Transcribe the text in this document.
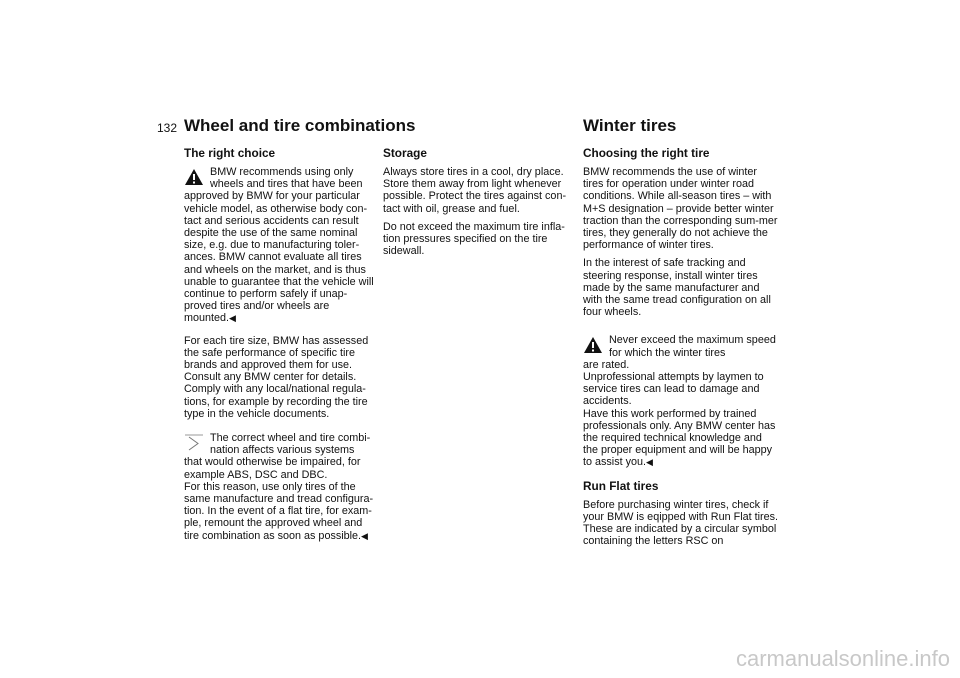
132 Wheel and tire combinations	Winter tires
The right choice
BMW recommends using only wheels and tires that have been
approved by BMW for your particular vehicle model, as otherwise body con-tact and serious accidents can result despite the use of the same nominal size, e.g. due to manufacturing toler-ances. BMW cannot evaluate all tires and wheels on the market, and is thus unable to guarantee that the vehicle will continue to perform safely if unap-proved tires and/or wheels are mounted.◀

For each tire size, BMW has assessed the safe performance of specific tire brands and approved them for use. Consult any BMW center for details. Comply with any local/national regula-tions, for example by recording the tire type in the vehicle documents.

The correct wheel and tire combi-nation affects various systems
that would otherwise be impaired, for example ABS, DSC and DBC.
For this reason, use only tires of the same manufacture and tread configura-tion. In the event of a flat tire, for exam-ple, remount the approved wheel and tire combination as soon as possible.◀
Storage

Always store tires in a cool, dry place. Store them away from light whenever possible. Protect the tires against con-tact with oil, grease and fuel.

Do not exceed the maximum tire infla-tion pressures specified on the tire sidewall.

Choosing the right tire

BMW recommends the use of winter tires for operation under winter road conditions. While all-season tires – with M+S designation – provide better winter traction than the corresponding sum-mer tires, they generally do not achieve the performance of winter tires.

In the interest of safe tracking and steering response, install winter tires made by the same manufacturer and with the same tread configuration on all four wheels.

Never exceed the maximum speed for which the winter tires
are rated.
Unprofessional attempts by laymen to service tires can lead to damage and accidents.
Have this work performed by trained professionals only. Any BMW center has the required technical knowledge and the proper equipment and will be happy to assist you.◀
Run Flat tires

Before purchasing winter tires, check if your BMW is eqipped with Run Flat tires. These are indicated by a circular symbol containing the letters RSC on

carmanualsonline.info
